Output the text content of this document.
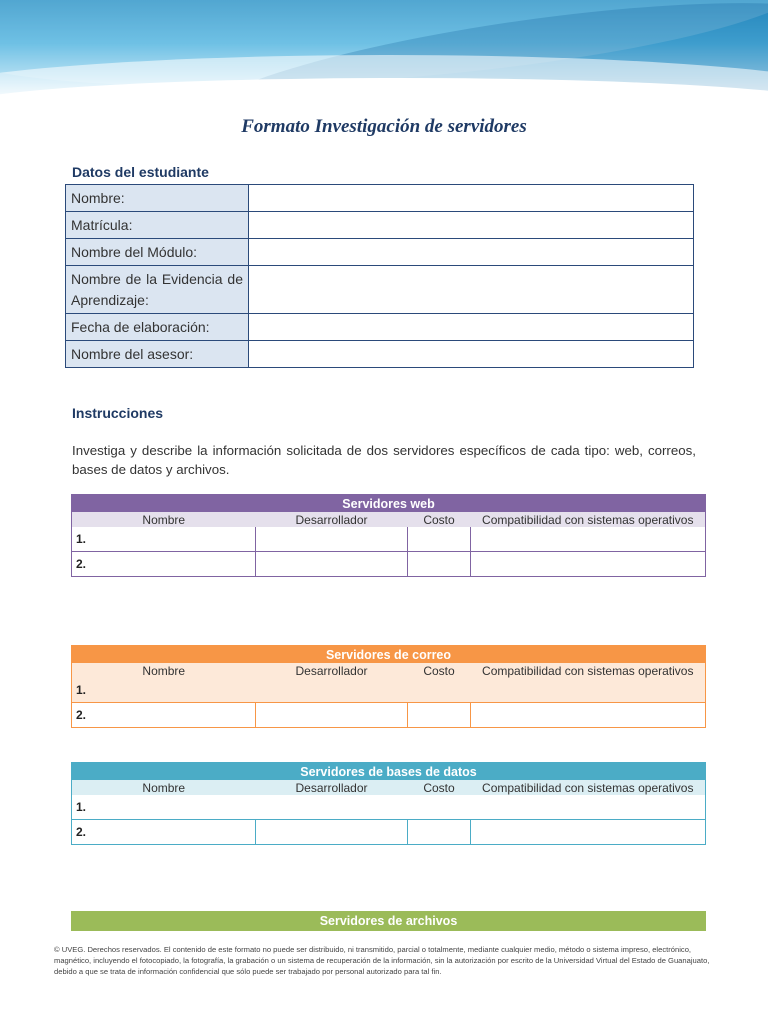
Formato Investigación de servidores
Datos del estudiante
Nombre:	
Matrícula:	
Nombre del Módulo:	
Nombre de la Evidencia de Aprendizaje:	
Fecha de elaboración:	
Nombre del asesor:	
Instrucciones
Investiga y describe la información solicitada de dos servidores específicos de cada tipo: web, correos, bases de datos y archivos.
Servidores web			
Nombre	Desarrollador	Costo	Compatibilidad con sistemas operativos
1.			
2.			
Servidores de correo			
Nombre	Desarrollador	Costo	Compatibilidad con sistemas operativos
1.			
2.			
Servidores de bases de datos			
Nombre	Desarrollador	Costo	Compatibilidad con sistemas operativos
1.			
2.			
Servidores de archivos
© UVEG. Derechos reservados. El contenido de este formato no puede ser distribuido, ni transmitido, parcial o totalmente, mediante cualquier medio, método o sistema impreso, electrónico, magnético, incluyendo el fotocopiado, la fotografía, la grabación o un sistema de recuperación de la información, sin la autorización por escrito de la Universidad Virtual del Estado de Guanajuato, debido a que se trata de información confidencial que sólo puede ser trabajado por personal autorizado para tal fin.
